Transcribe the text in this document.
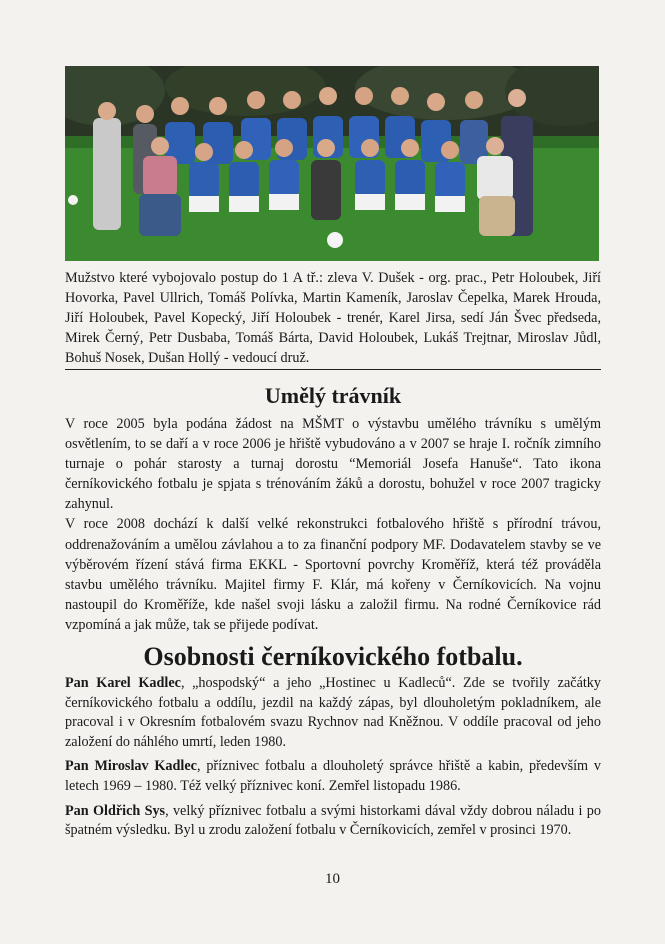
Mužstvo které vybojovalo postup do 1 A tř.: zleva V. Dušek - org. prac., Petr Holoubek, Jiří Hovorka, Pavel Ullrich, Tomáš Polívka, Martin Kameník, Jaroslav Čepelka, Marek Hrouda, Jiří Holoubek, Pavel Kopecký, Jiří Holoubek - trenér, Karel Jirsa, sedí Ján Švec předseda, Mirek Černý, Petr Dusbaba, Tomáš Bárta, David Holoubek, Lukáš Trejtnar, Miroslav Jůdl, Bohuš Nosek, Dušan Hollý - vedoucí druž.
Umělý trávník

V roce 2005 byla podána žádost na MŠMT o výstavbu umělého trávníku s umělým osvětlením, to se daří a v roce 2006 je hřiště vybudováno a v 2007 se hraje I. ročník zimního turnaje o pohár starosty a turnaj dorostu “Memoriál Josefa Hanuše“. Tato ikona černíkovického fotbalu je spjata s trénováním žáků a dorostu, bohužel v roce 2007 tragicky zahynul.

V roce 2008 dochází k další velké rekonstrukci fotbalového hřiště s přírodní trávou, oddrenažováním a umělou závlahou a to za finanční podpory MF. Dodavatelem stavby se ve výběrovém řízení stává firma EKKL - Sportovní povrchy Kroměříž, která též prováděla stavbu umělého trávníku. Majitel firmy F. Klár, má kořeny v Černíkovicích. Na vojnu nastoupil do Kroměříže, kde našel svoji lásku a založil firmu. Na rodné Černíkovice rád vzpomíná a jak může, tak se přijede podívat.

Osobnosti černíkovického fotbalu.

Pan Karel Kadlec, „hospodský“ a jeho „Hostinec u Kadleců“. Zde se tvořily začátky černíkovického fotbalu a oddílu, jezdil na každý zápas, byl dlouholetým pokladníkem, ale pracoval i v Okresním fotbalovém svazu Rychnov nad Kněžnou. V oddíle pracoval od jeho založení do náhlého umrtí, leden 1980.

Pan Miroslav Kadlec, příznivec fotbalu a dlouholetý správce hřiště a kabin, především v letech 1969 – 1980. Též velký příznivec koní. Zemřel listopadu 1986.

Pan Oldřich Sys, velký příznivec fotbalu a svými historkami dával vždy dobrou náladu i po špatném výsledku. Byl u zrodu založení fotbalu v Černíkovicích, zemřel v prosinci 1970.

10
